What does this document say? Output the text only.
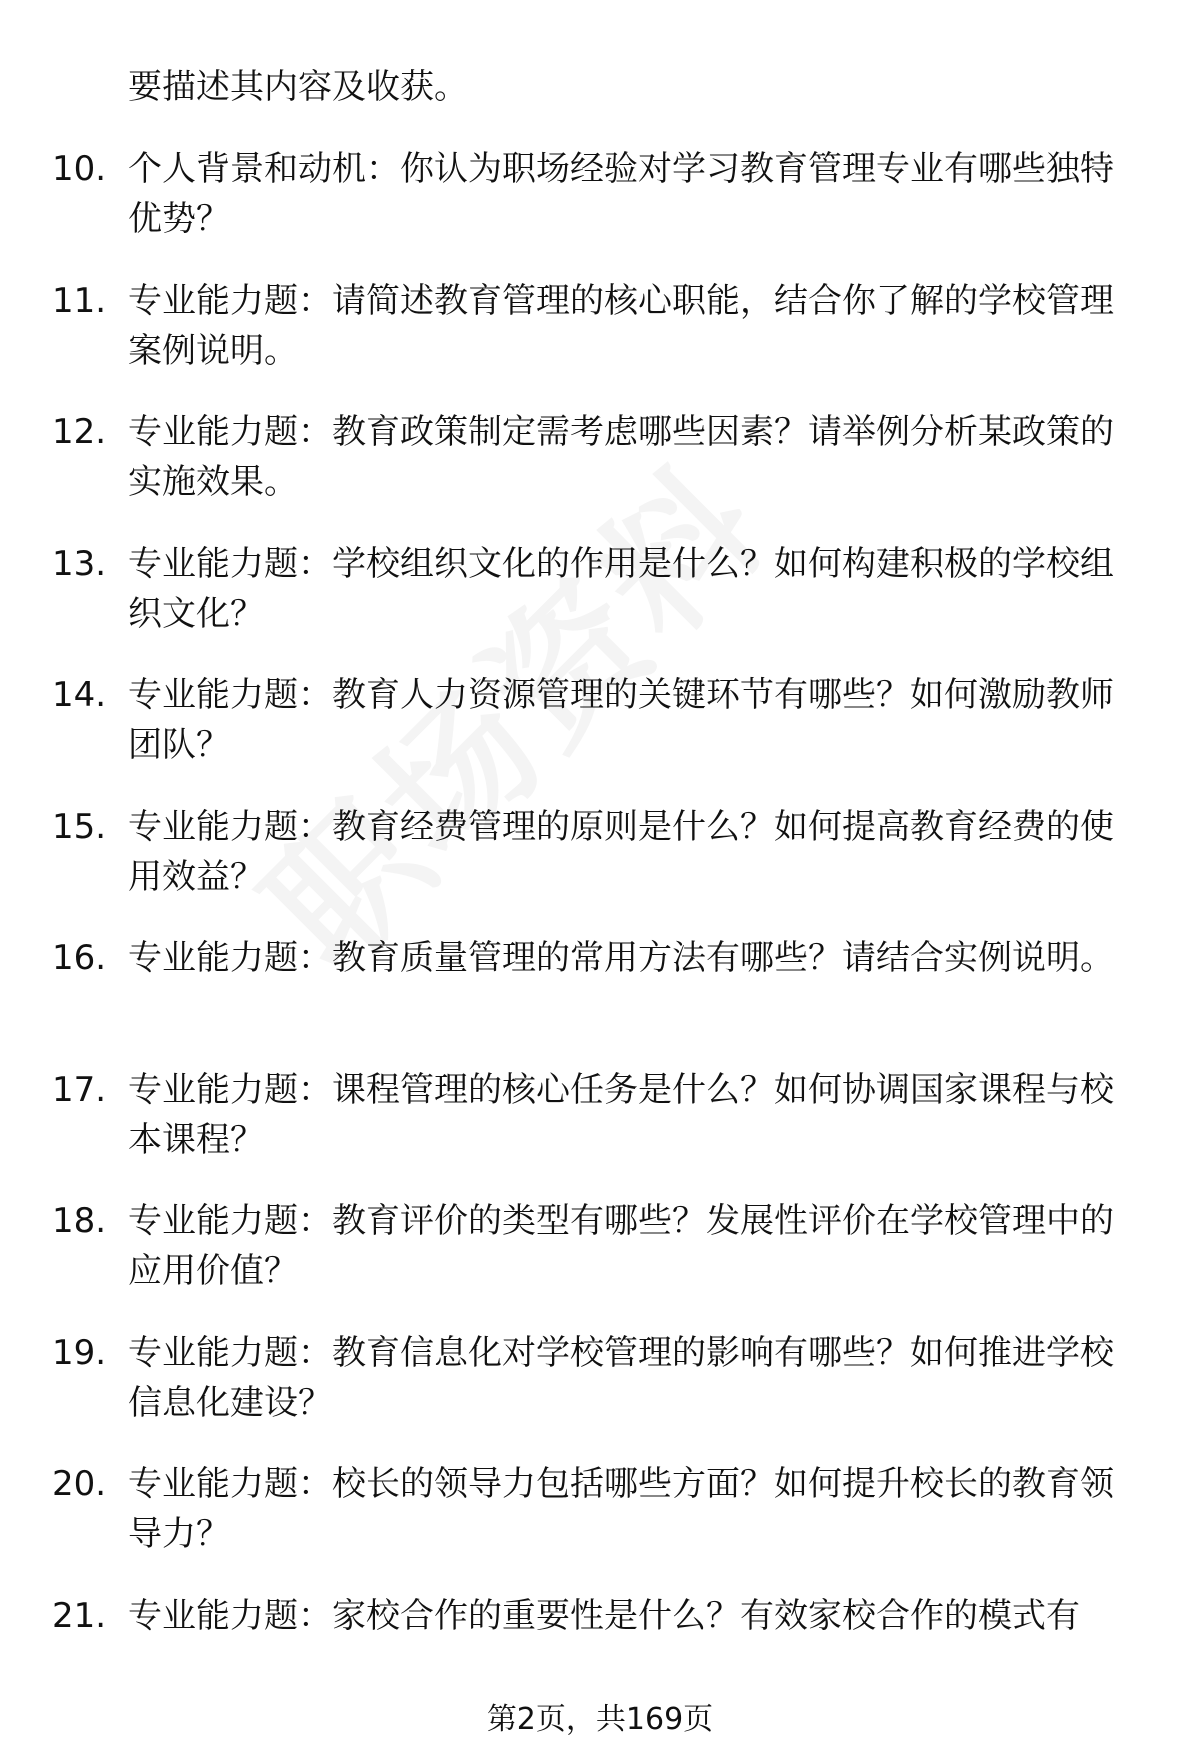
要描述其内容及收获。

10. 个人背景和动机：你认为职场经验对学习教育管理专业有哪些独特优势？

11. 专业能力题：请简述教育管理的核心职能，结合你了解的学校管理案例说明。

12. 专业能力题：教育政策制定需考虑哪些因素？请举例分析某政策的实施效果。

13. 专业能力题：学校组织文化的作用是什么？如何构建积极的学校组织文化？

14. 专业能力题：教育人力资源管理的关键环节有哪些？如何激励教师团队？

15. 专业能力题：教育经费管理的原则是什么？如何提高教育经费的使用效益？

16. 专业能力题：教育质量管理的常用方法有哪些？请结合实例说明。

17. 专业能力题：课程管理的核心任务是什么？如何协调国家课程与校本课程？

18. 专业能力题：教育评价的类型有哪些？发展性评价在学校管理中的应用价值？

19. 专业能力题：教育信息化对学校管理的影响有哪些？如何推进学校信息化建设？

20. 专业能力题：校长的领导力包括哪些方面？如何提升校长的教育领导力？

21. 专业能力题：家校合作的重要性是什么？有效家校合作的模式有

第2页，共169页
